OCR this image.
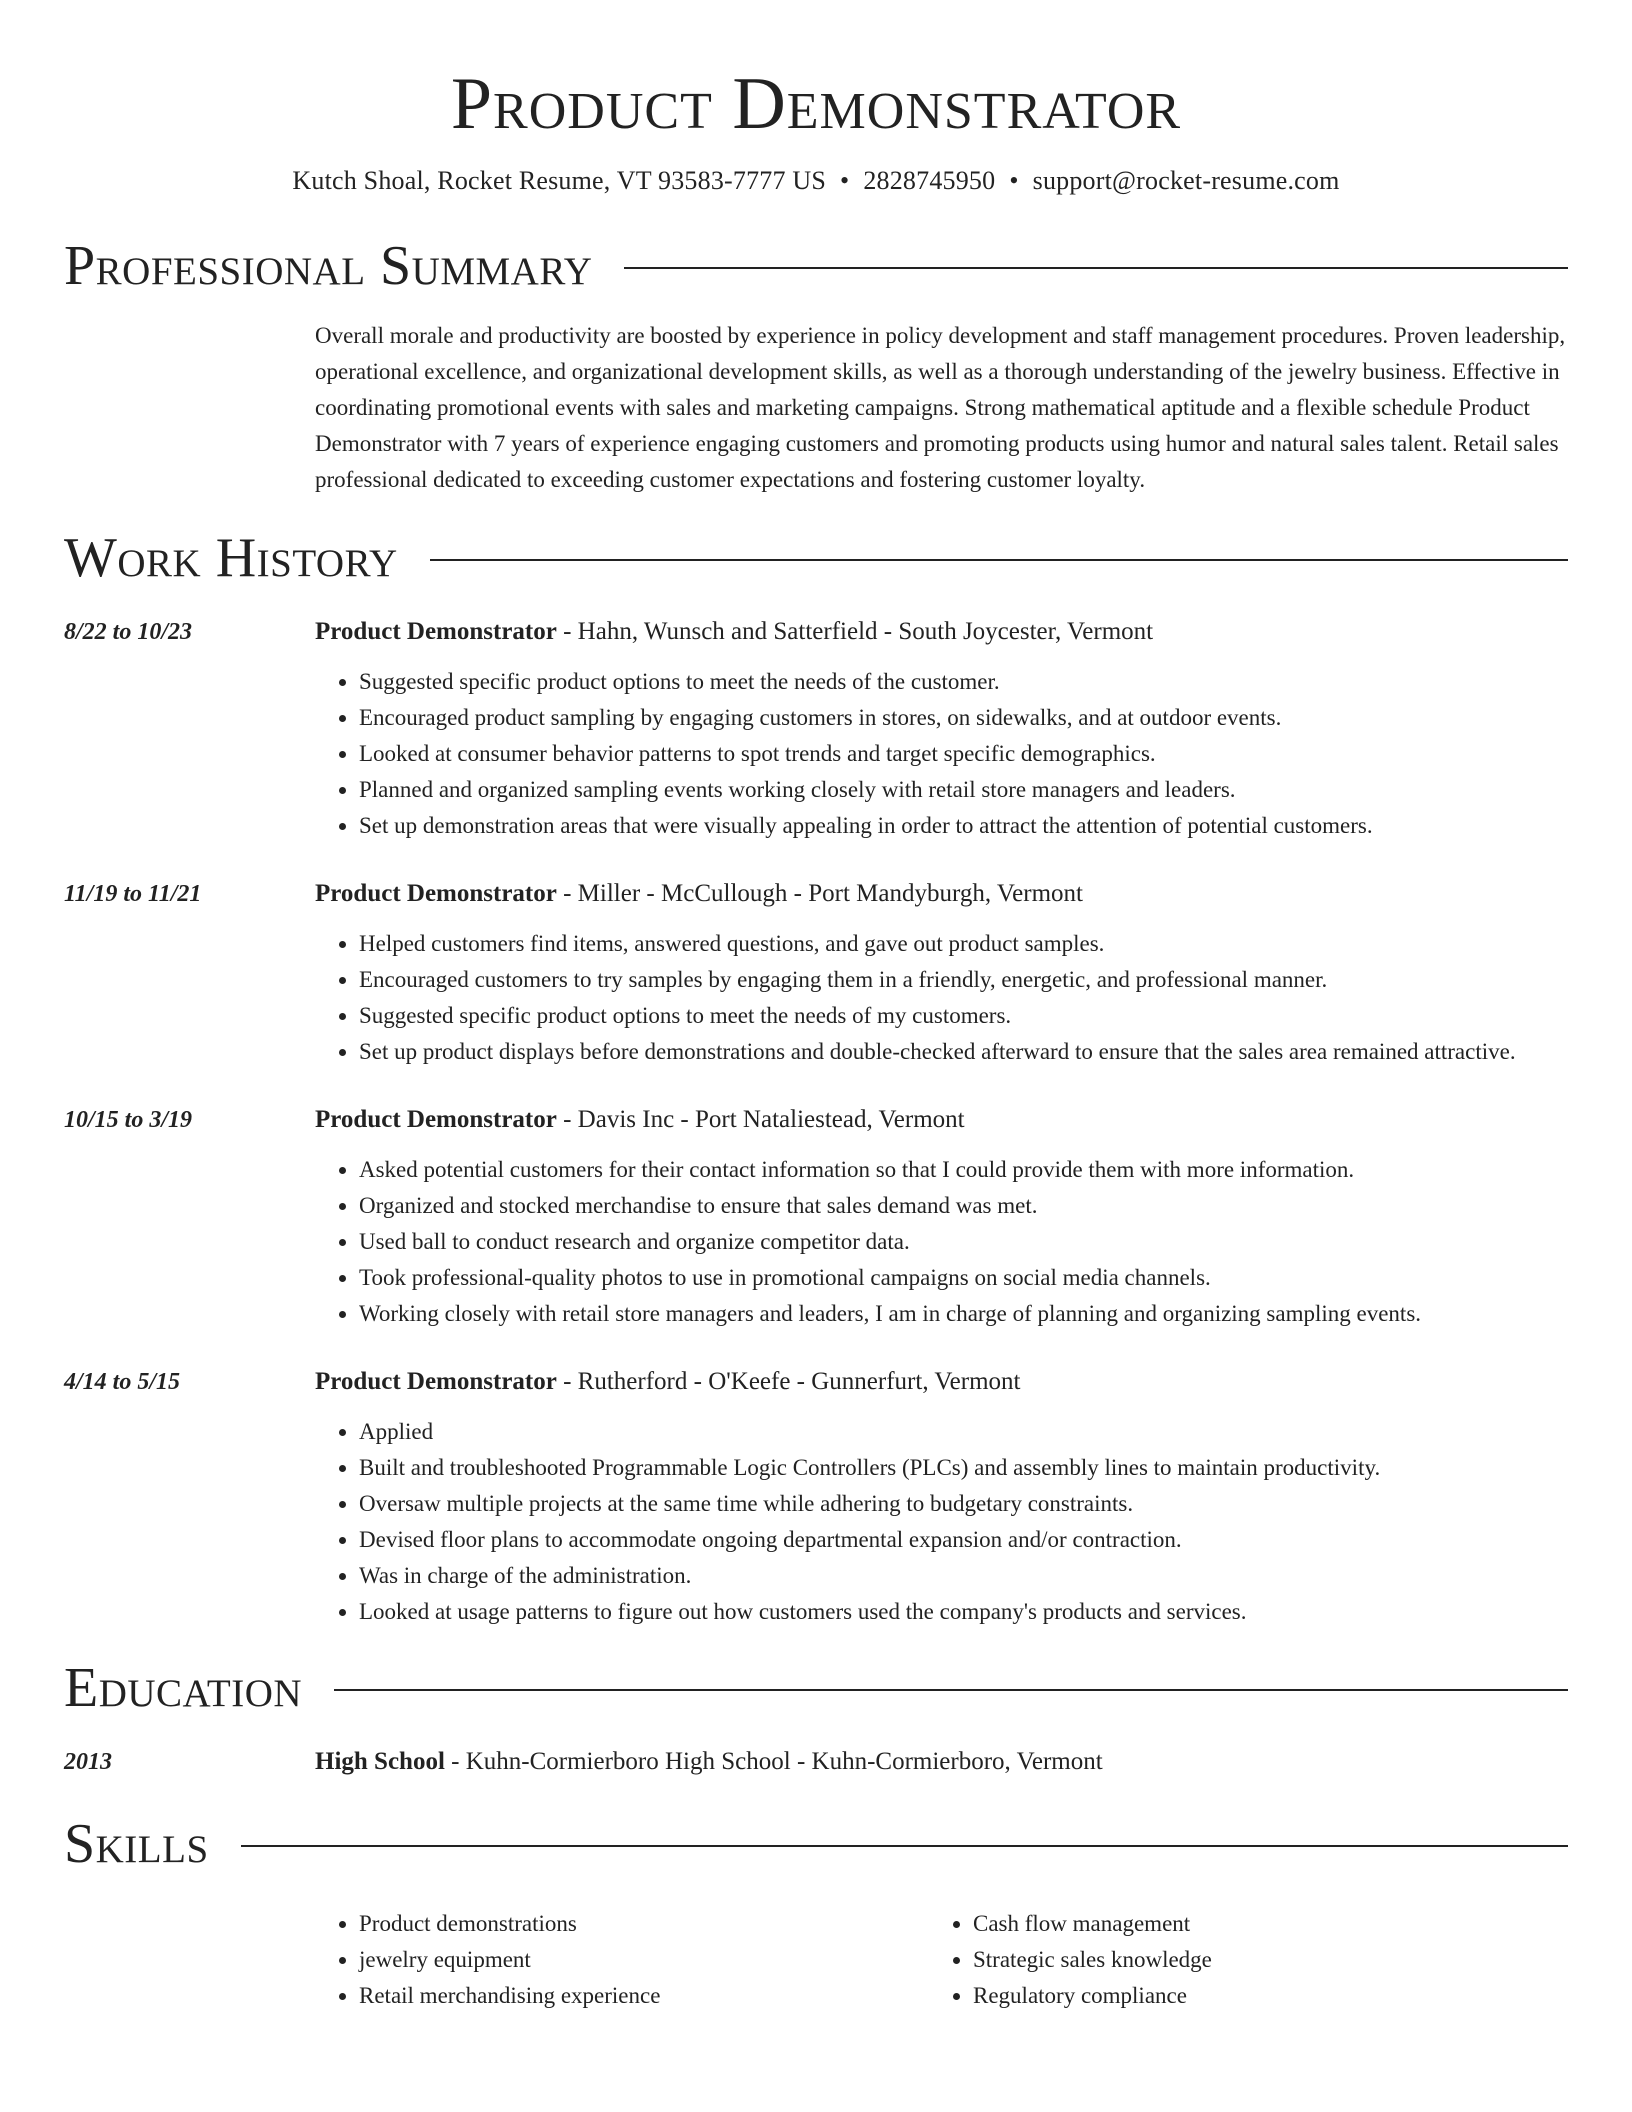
Product Demonstrator
Kutch Shoal, Rocket Resume, VT 93583-7777 US • 2828745950 • support@rocket-resume.com
Professional Summary
Overall morale and productivity are boosted by experience in policy development and staff management procedures. Proven leadership, operational excellence, and organizational development skills, as well as a thorough understanding of the jewelry business. Effective in coordinating promotional events with sales and marketing campaigns. Strong mathematical aptitude and a flexible schedule Product Demonstrator with 7 years of experience engaging customers and promoting products using humor and natural sales talent. Retail sales professional dedicated to exceeding customer expectations and fostering customer loyalty.
Work History
8/22 to 10/23	Product Demonstrator - Hahn, Wunsch and Satterfield - South Joycester, Vermont
• Suggested specific product options to meet the needs of the customer.
• Encouraged product sampling by engaging customers in stores, on sidewalks, and at outdoor events.
• Looked at consumer behavior patterns to spot trends and target specific demographics.
• Planned and organized sampling events working closely with retail store managers and leaders.
• Set up demonstration areas that were visually appealing in order to attract the attention of potential customers.
11/19 to 11/21	Product Demonstrator - Miller - McCullough - Port Mandyburgh, Vermont
• Helped customers find items, answered questions, and gave out product samples.
• Encouraged customers to try samples by engaging them in a friendly, energetic, and professional manner.
• Suggested specific product options to meet the needs of my customers.
• Set up product displays before demonstrations and double-checked afterward to ensure that the sales area remained attractive.
10/15 to 3/19	Product Demonstrator - Davis Inc - Port Nataliestead, Vermont
• Asked potential customers for their contact information so that I could provide them with more information.
• Organized and stocked merchandise to ensure that sales demand was met.
• Used ball to conduct research and organize competitor data.
• Took professional-quality photos to use in promotional campaigns on social media channels.
• Working closely with retail store managers and leaders, I am in charge of planning and organizing sampling events.
4/14 to 5/15	Product Demonstrator - Rutherford - O'Keefe - Gunnerfurt, Vermont
• Applied
• Built and troubleshooted Programmable Logic Controllers (PLCs) and assembly lines to maintain productivity.
• Oversaw multiple projects at the same time while adhering to budgetary constraints.
• Devised floor plans to accommodate ongoing departmental expansion and/or contraction.
• Was in charge of the administration.
• Looked at usage patterns to figure out how customers used the company's products and services.
Education
2013	High School - Kuhn-Cormierboro High School - Kuhn-Cormierboro, Vermont
Skills
• Product demonstrations
• jewelry equipment
• Retail merchandising experience
• Cash flow management
• Strategic sales knowledge
• Regulatory compliance
